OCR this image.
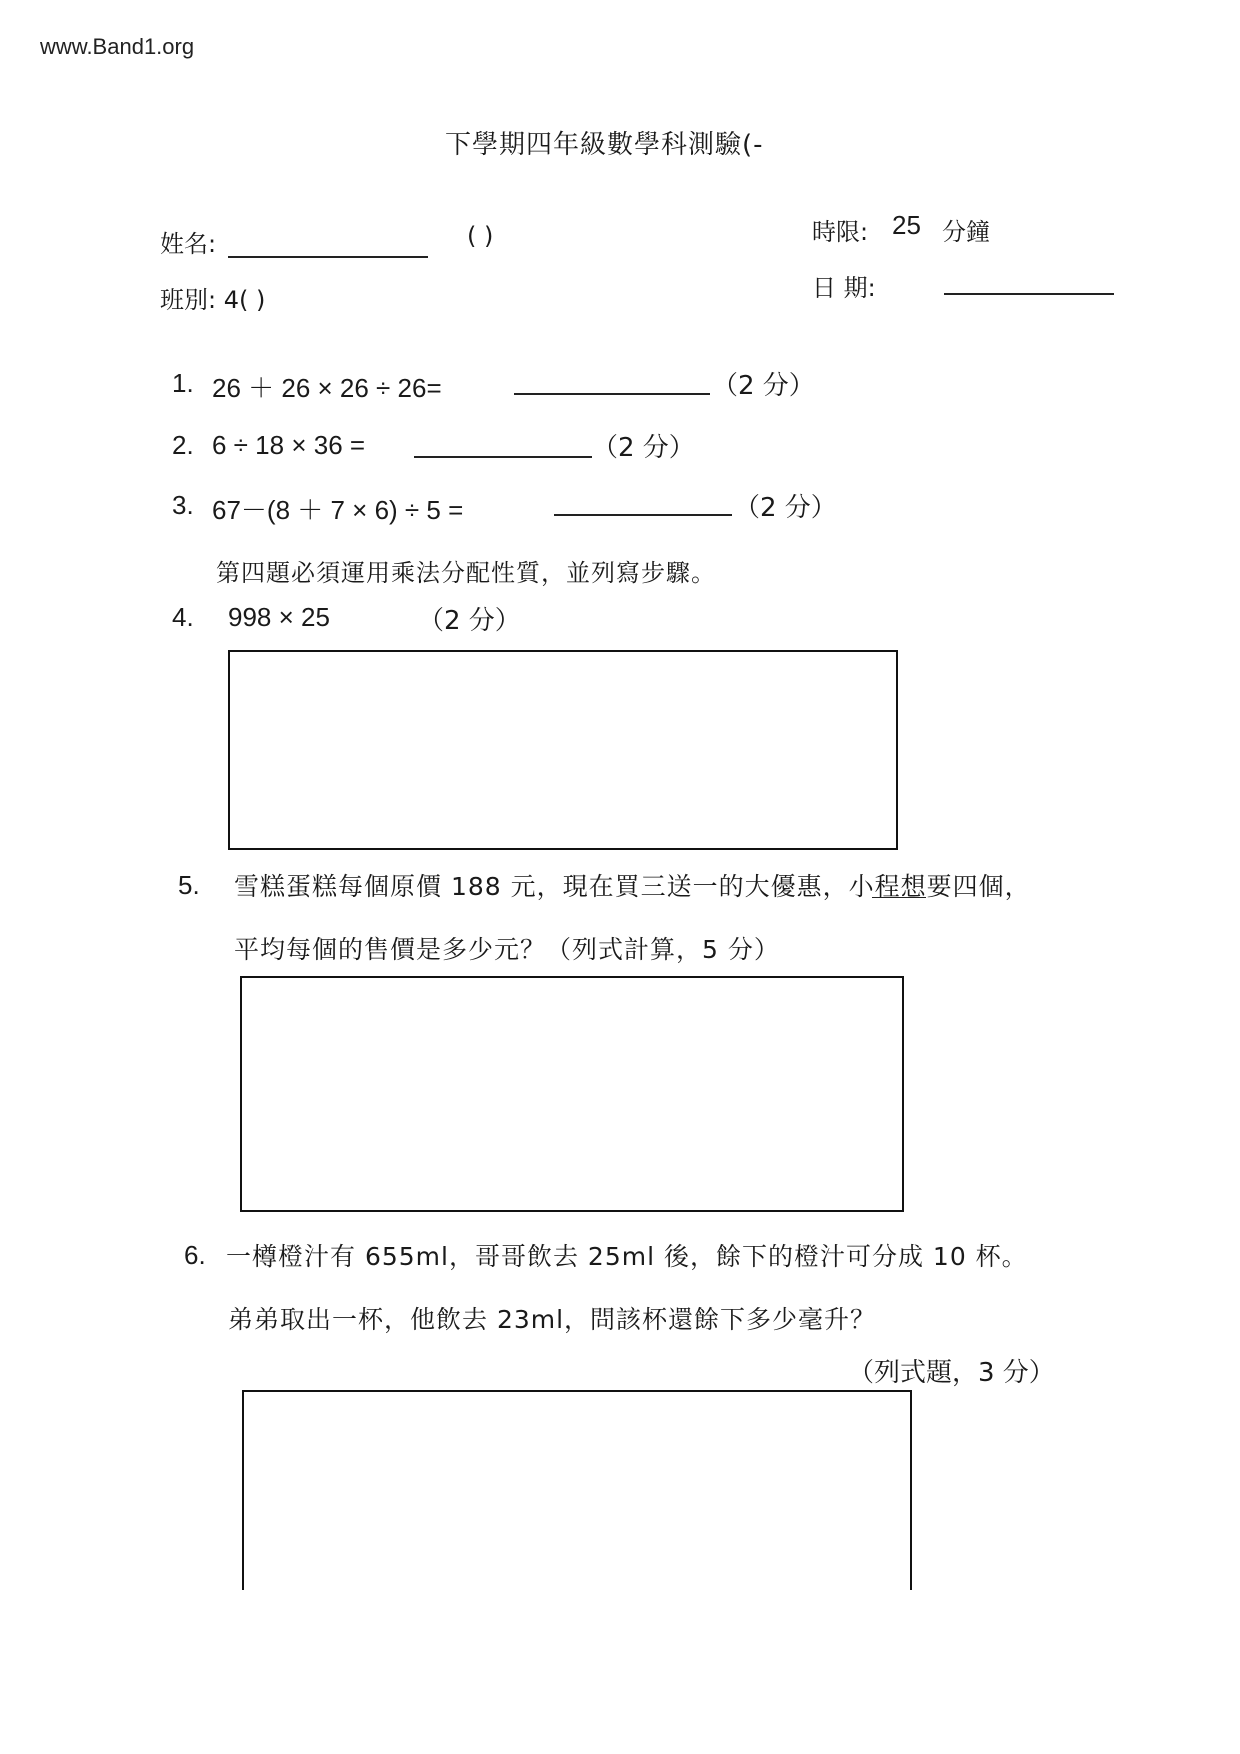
www.Band1.org
下學期四年級數學科測驗(-
姓名:	( )
班別: 4( )
時限: 25 分鐘
日 期:
1. 26 ＋ 26 × 26 ÷ 26=	（2 分）
2. 6 ÷ 18 × 36 =	（2 分）
3. 67－(8 ＋ 7 × 6) ÷ 5 =	（2 分）
第四題必須運用乘法分配性質，並列寫步驟。
4. 998 × 25	（2 分）
5. 雪糕蛋糕每個原價 188 元，現在買三送一的大優惠，小程想要四個，
平均每個的售價是多少元？（列式計算，5 分）
6. 一樽橙汁有 655ml，哥哥飲去 25ml 後，餘下的橙汁可分成 10 杯。
弟弟取出一杯，他飲去 23ml，問該杯還餘下多少毫升？
（列式題，3 分）
